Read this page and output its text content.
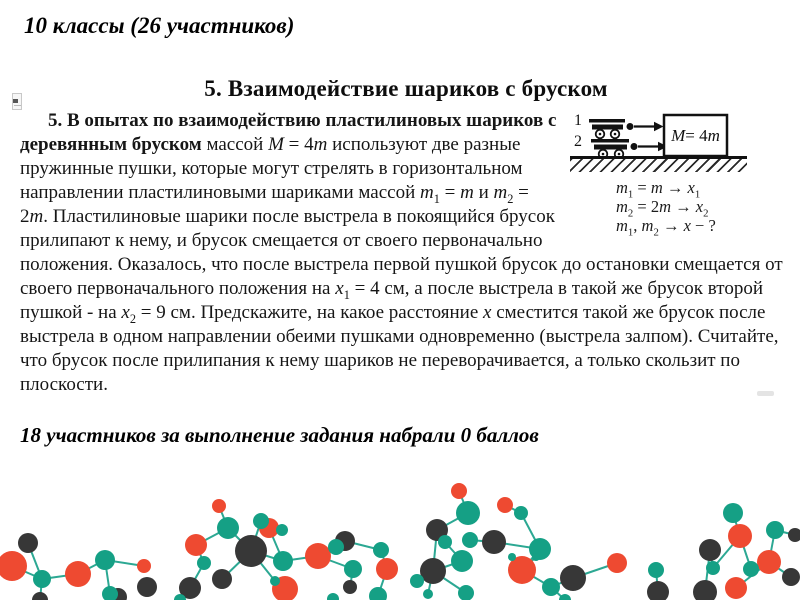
10 классы (26 участников)
5. Взаимодействие шариков с бруском
1
2	M = 4 m
$m_1 = m \to x_1$
$m_2 = 2m \to x_2$
$m_1$, $m_2 \to x$ − ?
5. В опытах по взаимодействию пластилиновых шариков с деревянным бруском массой M = 4m используют две разные пружинные пушки, которые могут стрелять в горизонтальном направлении пластилиновыми шариками массой $m_1 = m$ и $m_2 = 2m$. Пластилиновые шарики после выстрела в покоящийся брусок прилипают к нему, и брусок смещается от своего первоначально положения. Оказалось, что после выстрела первой пушкой брусок до остановки смещается от своего первоначального положения на $x_1 = 4$ см, а после выстрела в такой же брусок второй пушкой - на $x_2 = 9$ см. Предскажите, на какое расстояние x сместится такой же брусок после выстрела в одном направлении обеими пушками одновременно (выстрела залпом). Считайте, что брусок после прилипания к нему шариков не переворачивается, а только скользит по плоскости.
18 участников за выполнение задания набрали 0 баллов
